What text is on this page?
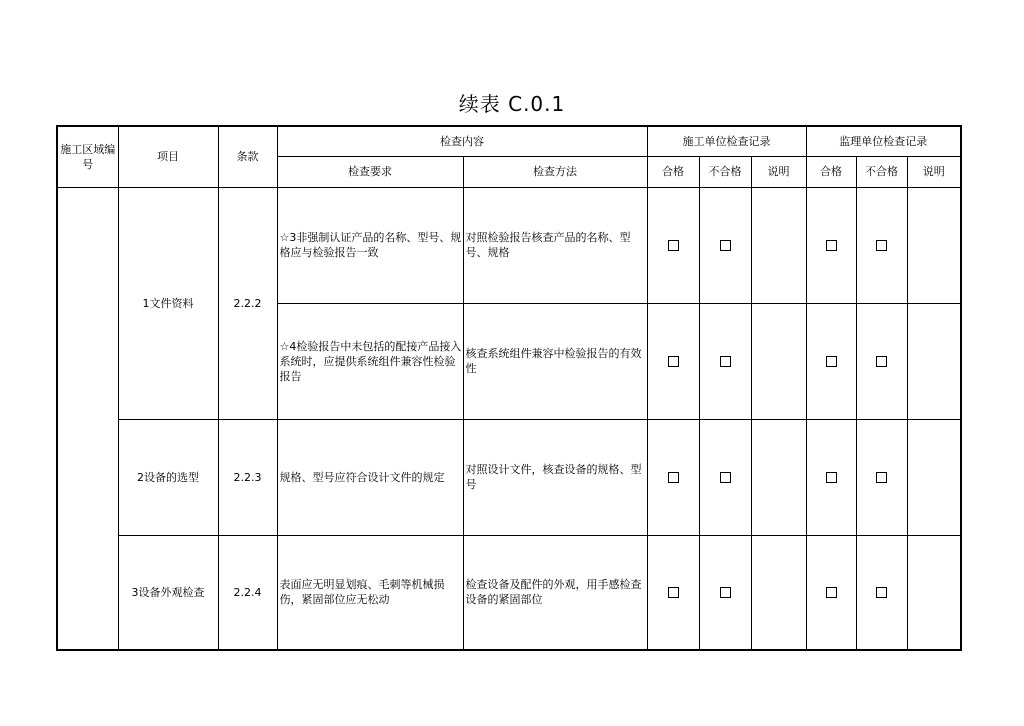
续表 C.0.1
施工区域编号	项目	条款	检查内容		施工单位检查记录			监理单位检查记录		
			检查要求	检查方法	合格	不合格	说明	合格	不合格	说明
	1文件资料	2.2.2	☆3非强制认证产品的名称、型号、规格应与检验报告一致	对照检验报告核查产品的名称、型号、规格						
			☆4检验报告中未包括的配接产品接入系统时，应提供系统组件兼容性检验报告	核查系统组件兼容中检验报告的有效性						
	2设备的选型	2.2.3	规格、型号应符合设计文件的规定	对照设计文件，核查设备的规格、型号						
	3设备外观检查	2.2.4	表面应无明显划痕、毛刺等机械损伤，紧固部位应无松动	检查设备及配件的外观，用手感检查设备的紧固部位						
